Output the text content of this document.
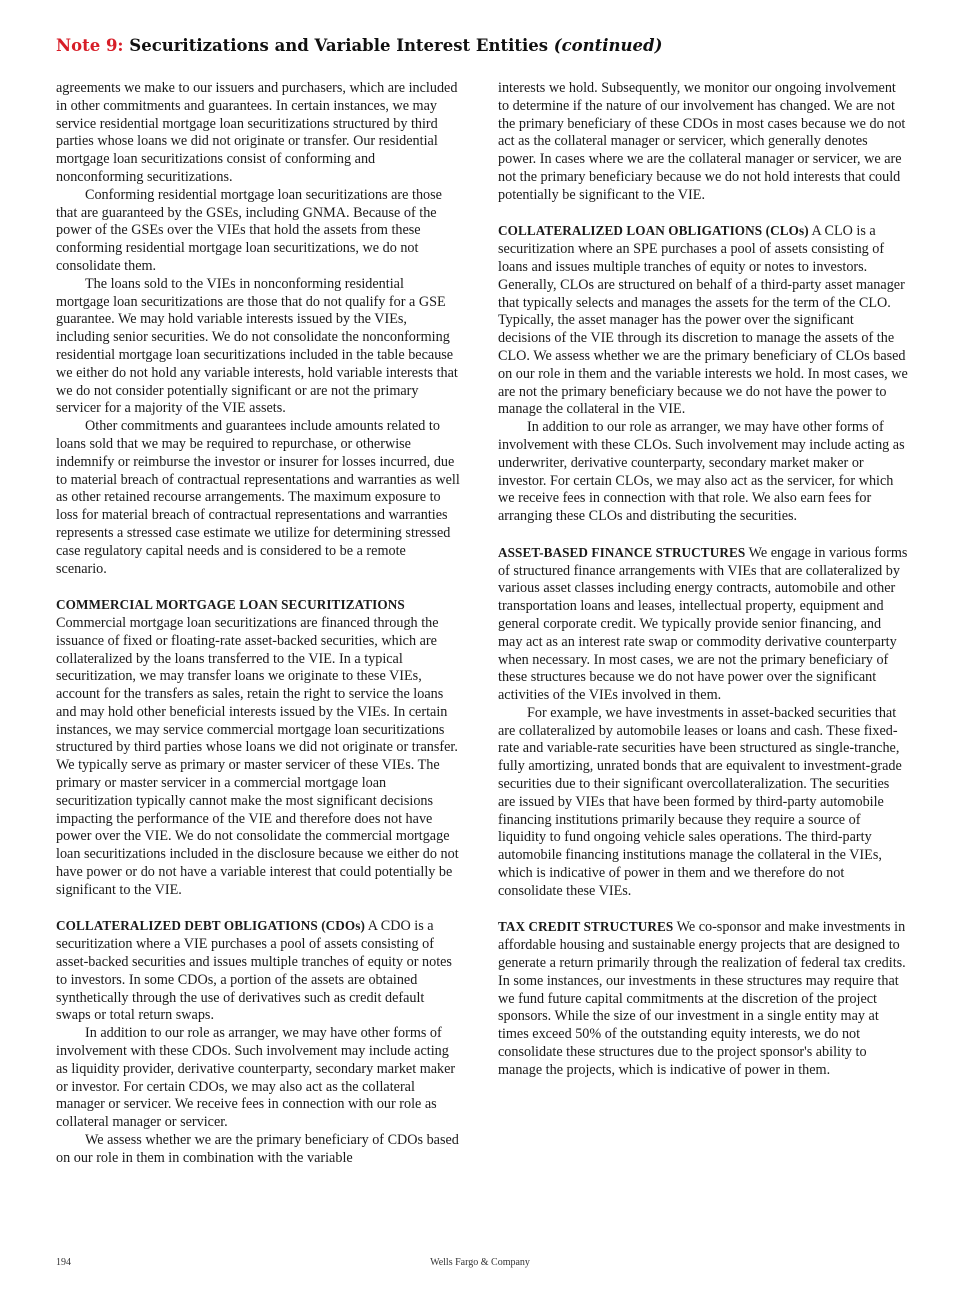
Note 9: Securitizations and Variable Interest Entities (continued)

agreements we make to our issuers and purchasers, which are included in other commitments and guarantees. In certain instances, we may service residential mortgage loan securitizations structured by third parties whose loans we did not originate or transfer. Our residential mortgage loan securitizations consist of conforming and nonconforming securitizations.

Conforming residential mortgage loan securitizations are those that are guaranteed by the GSEs, including GNMA. Because of the power of the GSEs over the VIEs that hold the assets from these conforming residential mortgage loan securitizations, we do not consolidate them.

The loans sold to the VIEs in nonconforming residential mortgage loan securitizations are those that do not qualify for a GSE guarantee. We may hold variable interests issued by the VIEs, including senior securities. We do not consolidate the nonconforming residential mortgage loan securitizations included in the table because we either do not hold any variable interests, hold variable interests that we do not consider potentially significant or are not the primary servicer for a majority of the VIE assets.

Other commitments and guarantees include amounts related to loans sold that we may be required to repurchase, or otherwise indemnify or reimburse the investor or insurer for losses incurred, due to material breach of contractual representations and warranties as well as other retained recourse arrangements. The maximum exposure to loss for material breach of contractual representations and warranties represents a stressed case estimate we utilize for determining stressed case regulatory capital needs and is considered to be a remote scenario.

COMMERCIAL MORTGAGE LOAN SECURITIZATIONS

Commercial mortgage loan securitizations are financed through the issuance of fixed or floating-rate asset-backed securities, which are collateralized by the loans transferred to the VIE. In a typical securitization, we may transfer loans we originate to these VIEs, account for the transfers as sales, retain the right to service the loans and may hold other beneficial interests issued by the VIEs. In certain instances, we may service commercial mortgage loan securitizations structured by third parties whose loans we did not originate or transfer. We typically serve as primary or master servicer of these VIEs. The primary or master servicer in a commercial mortgage loan securitization typically cannot make the most significant decisions impacting the performance of the VIE and therefore does not have power over the VIE. We do not consolidate the commercial mortgage loan securitizations included in the disclosure because we either do not have power or do not have a variable interest that could potentially be significant to the VIE.

COLLATERALIZED DEBT OBLIGATIONS (CDOs) A CDO is a securitization where a VIE purchases a pool of assets consisting of asset-backed securities and issues multiple tranches of equity or notes to investors. In some CDOs, a portion of the assets are obtained synthetically through the use of derivatives such as credit default swaps or total return swaps.

In addition to our role as arranger, we may have other forms of involvement with these CDOs. Such involvement may include acting as liquidity provider, derivative counterparty, secondary market maker or investor. For certain CDOs, we may also act as the collateral manager or servicer. We receive fees in connection with our role as collateral manager or servicer.

We assess whether we are the primary beneficiary of CDOs based on our role in them in combination with the variable

interests we hold. Subsequently, we monitor our ongoing involvement to determine if the nature of our involvement has changed. We are not the primary beneficiary of these CDOs in most cases because we do not act as the collateral manager or servicer, which generally denotes power. In cases where we are the collateral manager or servicer, we are not the primary beneficiary because we do not hold interests that could potentially be significant to the VIE.

COLLATERALIZED LOAN OBLIGATIONS (CLOs) A CLO is a securitization where an SPE purchases a pool of assets consisting of loans and issues multiple tranches of equity or notes to investors. Generally, CLOs are structured on behalf of a third-party asset manager that typically selects and manages the assets for the term of the CLO. Typically, the asset manager has the power over the significant decisions of the VIE through its discretion to manage the assets of the CLO. We assess whether we are the primary beneficiary of CLOs based on our role in them and the variable interests we hold. In most cases, we are not the primary beneficiary because we do not have the power to manage the collateral in the VIE.

In addition to our role as arranger, we may have other forms of involvement with these CLOs. Such involvement may include acting as underwriter, derivative counterparty, secondary market maker or investor. For certain CLOs, we may also act as the servicer, for which we receive fees in connection with that role. We also earn fees for arranging these CLOs and distributing the securities.

ASSET-BASED FINANCE STRUCTURES We engage in various forms of structured finance arrangements with VIEs that are collateralized by various asset classes including energy contracts, automobile and other transportation loans and leases, intellectual property, equipment and general corporate credit. We typically provide senior financing, and may act as an interest rate swap or commodity derivative counterparty when necessary. In most cases, we are not the primary beneficiary of these structures because we do not have power over the significant activities of the VIEs involved in them.

For example, we have investments in asset-backed securities that are collateralized by automobile leases or loans and cash. These fixed-rate and variable-rate securities have been structured as single-tranche, fully amortizing, unrated bonds that are equivalent to investment-grade securities due to their significant overcollateralization. The securities are issued by VIEs that have been formed by third-party automobile financing institutions primarily because they require a source of liquidity to fund ongoing vehicle sales operations. The third-party automobile financing institutions manage the collateral in the VIEs, which is indicative of power in them and we therefore do not consolidate these VIEs.

TAX CREDIT STRUCTURES We co-sponsor and make investments in affordable housing and sustainable energy projects that are designed to generate a return primarily through the realization of federal tax credits. In some instances, our investments in these structures may require that we fund future capital commitments at the discretion of the project sponsors. While the size of our investment in a single entity may at times exceed 50% of the outstanding equity interests, we do not consolidate these structures due to the project sponsor's ability to manage the projects, which is indicative of power in them.

194	Wells Fargo & Company
